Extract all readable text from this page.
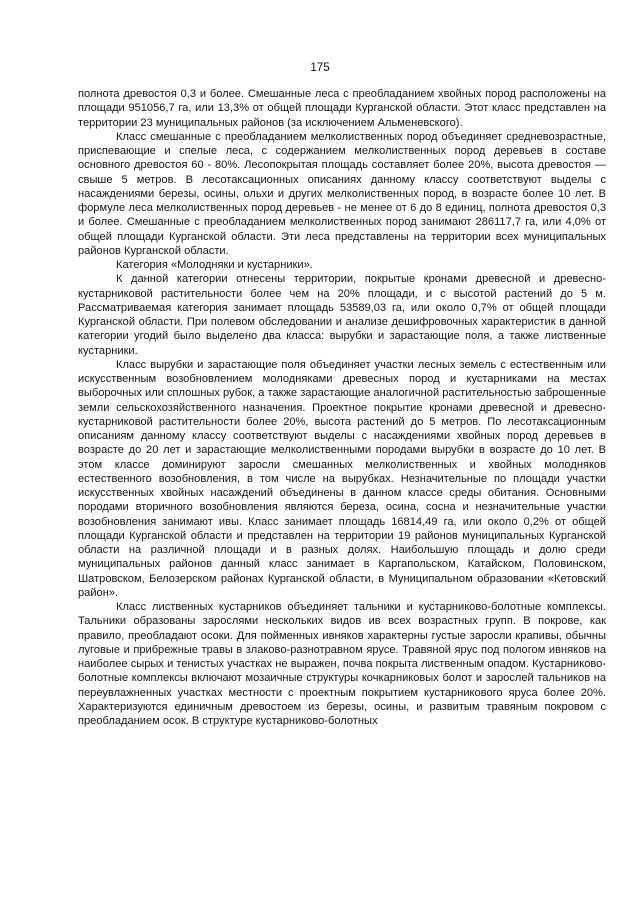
175

полнота древостоя 0,3 и более. Смешанные леса с преобладанием хвойных пород расположены на площади 951056,7 га, или 13,3% от общей площади Курганской области. Этот класс представлен на территории 23 муниципальных районов (за исключением Альменевского).

Класс смешанные с преобладанием мелколиственных пород объединяет средневозрастные, приспевающие и спелые леса, с содержанием мелколиственных пород деревьев в составе основного древостоя 60 - 80%. Лесопокрытая площадь составляет более 20%, высота древостоя — свыше 5 метров. В лесотаксационных описаниях данному классу соответствуют выделы с насаждениями березы, осины, ольхи и других мелколиственных пород, в возрасте более 10 лет. В формуле леса мелколиственных пород деревьев - не менее от 6 до 8 единиц, полнота древостоя 0,3 и более. Смешанные с преобладанием мелколиственных пород занимают 286117,7 га, или 4,0% от общей площади Курганской области. Эти леса представлены на территории всех муниципальных районов Курганской области.

Категория «Молодняки и кустарники».

К данной категории отнесены территории, покрытые кронами древесной и древесно-кустарниковой растительности более чем на 20% площади, и с высотой растений до 5 м. Рассматриваемая категория занимает площадь 53589,03 га, или около 0,7% от общей площади Курганской области. При полевом обследовании и анализе дешифровочных характеристик в данной категории угодий было выделено два класса: вырубки и зарастающие поля, а также лиственные кустарники.

Класс вырубки и зарастающие поля объединяет участки лесных земель с естественным или искусственным возобновлением молодняками древесных пород и кустарниками на местах выборочных или сплошных рубок, а также зарастающие аналогичной растительностью заброшенные земли сельскохозяйственного назначения. Проектное покрытие кронами древесной и древесно-кустарниковой растительности более 20%, высота растений до 5 метров. По лесотаксационным описаниям данному классу соответствуют выделы с насаждениями хвойных пород деревьев в возрасте до 20 лет и зарастающие мелколиственными породами вырубки в возрасте до 10 лет. В этом классе доминируют заросли смешанных мелколиственных и хвойных молодняков естественного возобновления, в том числе на вырубках. Незначительные по площади участки искусственных хвойных насаждений объединены в данном классе среды обитания. Основными породами вторичного возобновления являются береза, осина, сосна и незначительные участки возобновления занимают ивы. Класс занимает площадь 16814,49 га, или около 0,2% от общей площади Курганской области и представлен на территории 19 районов муниципальных Курганской области на различной площади и в разных долях. Наибольшую площадь и долю среди муниципальных районов данный класс занимает в Каргапольском, Катайском, Половинском, Шатровском, Белозерском районах Курганской области, в Муниципальном образовании «Кетовский район».

Класс лиственных кустарников объединяет тальники и кустарниково-болотные комплексы. Тальники образованы зарослями нескольких видов ив всех возрастных групп. В покрове, как правило, преобладают осоки. Для пойменных ивняков характерны густые заросли крапивы, обычны луговые и прибрежные травы в злаково-разнотравном ярусе. Травяной ярус под пологом ивняков на наиболее сырых и тенистых участках не выражен, почва покрыта лиственным опадом. Кустарниково-болотные комплексы включают мозаичные структуры кочкарниковых болот и зарослей тальников на переувлажненных участках местности с проектным покрытием кустарникового яруса более 20%. Характеризуются единичным древостоем из березы, осины, и развитым травяным покровом с преобладанием осок. В структуре кустарниково-болотных
